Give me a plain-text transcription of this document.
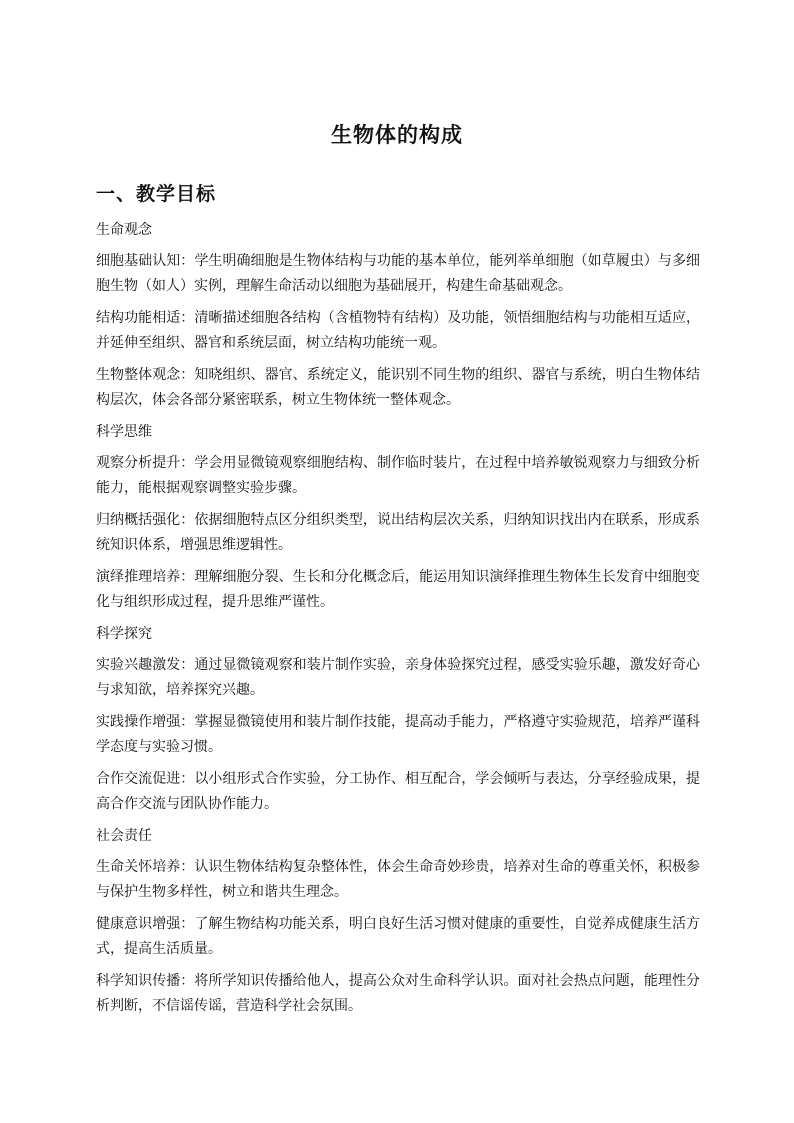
生物体的构成
一、教学目标
生命观念
细胞基础认知：学生明确细胞是生物体结构与功能的基本单位，能列举单细胞（如草履虫）与多细胞生物（如人）实例，理解生命活动以细胞为基础展开，构建生命基础观念。
结构功能相适：清晰描述细胞各结构（含植物特有结构）及功能，领悟细胞结构与功能相互适应，并延伸至组织、器官和系统层面，树立结构功能统一观。
生物整体观念：知晓组织、器官、系统定义，能识别不同生物的组织、器官与系统，明白生物体结构层次，体会各部分紧密联系，树立生物体统一整体观念。
科学思维
观察分析提升：学会用显微镜观察细胞结构、制作临时装片，在过程中培养敏锐观察力与细致分析能力，能根据观察调整实验步骤。
归纳概括强化：依据细胞特点区分组织类型，说出结构层次关系，归纳知识找出内在联系，形成系统知识体系，增强思维逻辑性。
演绎推理培养：理解细胞分裂、生长和分化概念后，能运用知识演绎推理生物体生长发育中细胞变化与组织形成过程，提升思维严谨性。
科学探究
实验兴趣激发：通过显微镜观察和装片制作实验，亲身体验探究过程，感受实验乐趣，激发好奇心与求知欲，培养探究兴趣。
实践操作增强：掌握显微镜使用和装片制作技能，提高动手能力，严格遵守实验规范，培养严谨科学态度与实验习惯。
合作交流促进：以小组形式合作实验，分工协作、相互配合，学会倾听与表达，分享经验成果，提高合作交流与团队协作能力。
社会责任
生命关怀培养：认识生物体结构复杂整体性，体会生命奇妙珍贵，培养对生命的尊重关怀，积极参与保护生物多样性，树立和谐共生理念。
健康意识增强：了解生物结构功能关系，明白良好生活习惯对健康的重要性，自觉养成健康生活方式，提高生活质量。
科学知识传播：将所学知识传播给他人，提高公众对生命科学认识。面对社会热点问题，能理性分析判断，不信谣传谣，营造科学社会氛围。
